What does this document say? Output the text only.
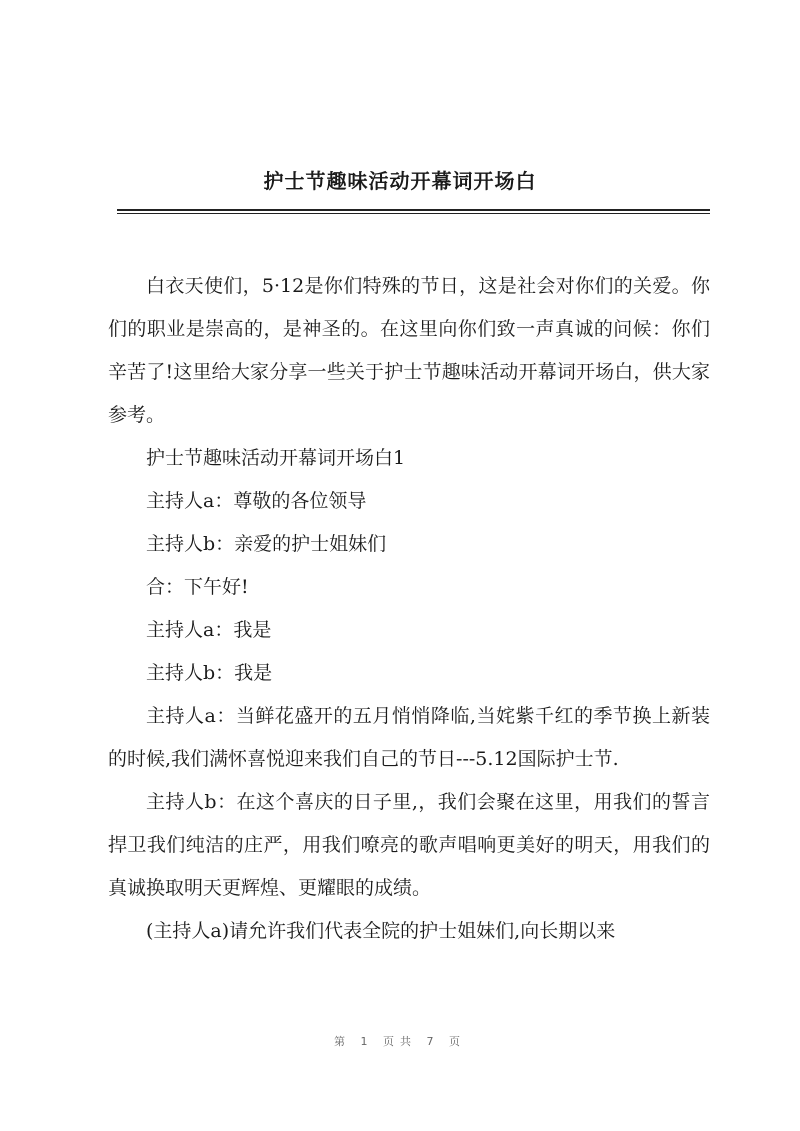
护士节趣味活动开幕词开场白

白衣天使们，5·12是你们特殊的节日，这是社会对你们的关爱。你们的职业是崇高的，是神圣的。在这里向你们致一声真诚的问候：你们辛苦了!这里给大家分享一些关于护士节趣味活动开幕词开场白，供大家参考。

护士节趣味活动开幕词开场白1

主持人a：尊敬的各位领导

主持人b：亲爱的护士姐妹们

合：下午好!

主持人a：我是

主持人b：我是

主持人a：当鲜花盛开的五月悄悄降临,当姹紫千红的季节换上新装的时候,我们满怀喜悦迎来我们自己的节日---5.12国际护士节.

主持人b：在这个喜庆的日子里,，我们会聚在这里，用我们的誓言捍卫我们纯洁的庄严，用我们嘹亮的歌声唱响更美好的明天，用我们的真诚换取明天更辉煌、更耀眼的成绩。

(主持人a)请允许我们代表全院的护士姐妹们,向长期以来

第 1 页共 7 页
